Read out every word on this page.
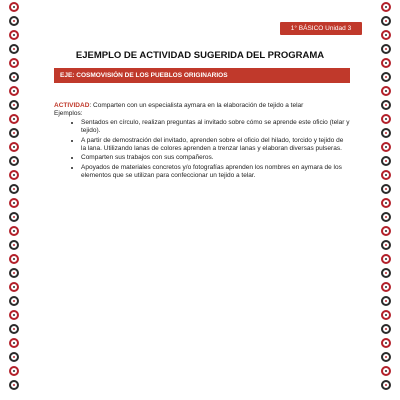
1° BÁSICO Unidad 3
EJEMPLO DE ACTIVIDAD SUGERIDA DEL PROGRAMA
EJE: COSMOVISIÓN DE LOS PUEBLOS ORIGINARIOS
ACTIVIDAD: Comparten con un especialista aymara en la elaboración de tejido a telar
Ejemplos:
• Sentados en círculo, realizan preguntas al invitado sobre cómo se aprende este oficio (telar y tejido).
• A partir de demostración del invitado, aprenden sobre el oficio del hilado, torcido y tejido de la lana. Utilizando lanas de colores aprenden a trenzar lanas y elaboran diversas pulseras.
• Comparten sus trabajos con sus compañeros.
• Apoyados de materiales concretos y/o fotografías aprenden los nombres en aymara de los elementos que se utilizan para confeccionar un tejido a telar.
